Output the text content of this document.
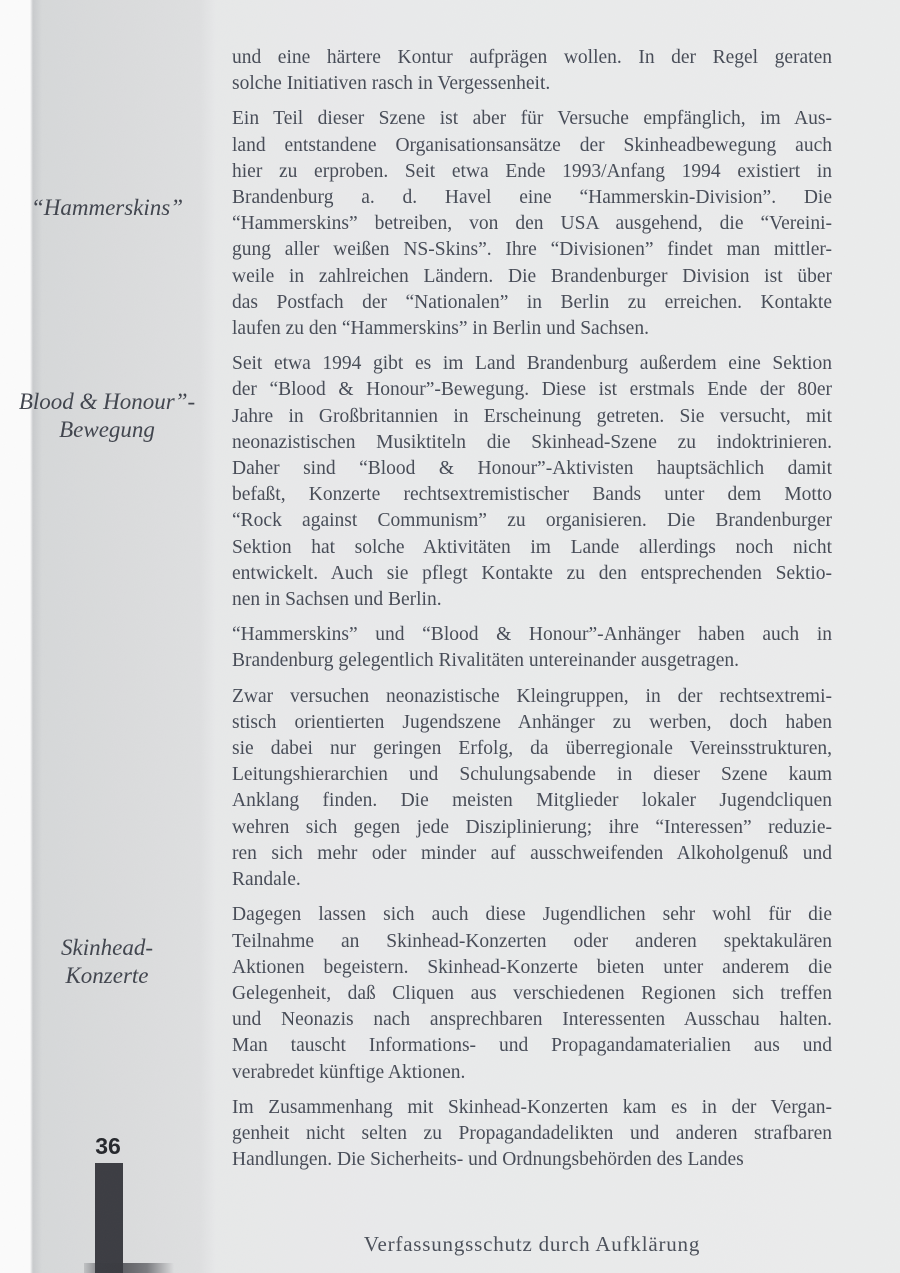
“Hammerskins”
Blood & Honour”-
Bewegung
Skinhead-
Konzerte

und eine härtere Kontur aufprägen wollen. In der Regel geraten
solche Initiativen rasch in Vergessenheit.

Ein Teil dieser Szene ist aber für Versuche empfänglich, im Aus-
land entstandene Organisationsansätze der Skinheadbewegung auch
hier zu erproben. Seit etwa Ende 1993/Anfang 1994 existiert in
Brandenburg a. d. Havel eine “Hammerskin-Division”. Die
“Hammerskins” betreiben, von den USA ausgehend, die “Vereini-
gung aller weißen NS-Skins”. Ihre “Divisionen” findet man mittler-
weile in zahlreichen Ländern. Die Brandenburger Division ist über
das Postfach der “Nationalen” in Berlin zu erreichen. Kontakte
laufen zu den “Hammerskins” in Berlin und Sachsen.

Seit etwa 1994 gibt es im Land Brandenburg außerdem eine Sektion
der “Blood & Honour”-Bewegung. Diese ist erstmals Ende der 80er
Jahre in Großbritannien in Erscheinung getreten. Sie versucht, mit
neonazistischen Musiktiteln die Skinhead-Szene zu indoktrinieren.
Daher sind “Blood & Honour”-Aktivisten hauptsächlich damit
befaßt, Konzerte rechtsextremistischer Bands unter dem Motto
“Rock against Communism” zu organisieren. Die Brandenburger
Sektion hat solche Aktivitäten im Lande allerdings noch nicht
entwickelt. Auch sie pflegt Kontakte zu den entsprechenden Sektio-
nen in Sachsen und Berlin.

“Hammerskins” und “Blood & Honour”-Anhänger haben auch in
Brandenburg gelegentlich Rivalitäten untereinander ausgetragen.

Zwar versuchen neonazistische Kleingruppen, in der rechtsextremi-
stisch orientierten Jugendszene Anhänger zu werben, doch haben
sie dabei nur geringen Erfolg, da überregionale Vereinsstrukturen,
Leitungshierarchien und Schulungsabende in dieser Szene kaum
Anklang finden. Die meisten Mitglieder lokaler Jugendcliquen
wehren sich gegen jede Disziplinierung; ihre “Interessen” reduzie-
ren sich mehr oder minder auf ausschweifenden Alkoholgenuß und
Randale.

Dagegen lassen sich auch diese Jugendlichen sehr wohl für die
Teilnahme an Skinhead-Konzerten oder anderen spektakulären
Aktionen begeistern. Skinhead-Konzerte bieten unter anderem die
Gelegenheit, daß Cliquen aus verschiedenen Regionen sich treffen
und Neonazis nach ansprechbaren Interessenten Ausschau halten.
Man tauscht Informations- und Propagandamaterialien aus und
verabredet künftige Aktionen.

Im Zusammenhang mit Skinhead-Konzerten kam es in der Vergan-
genheit nicht selten zu Propagandadelikten und anderen strafbaren
Handlungen. Die Sicherheits- und Ordnungsbehörden des Landes

36
Verfassungsschutz durch Aufklärung
